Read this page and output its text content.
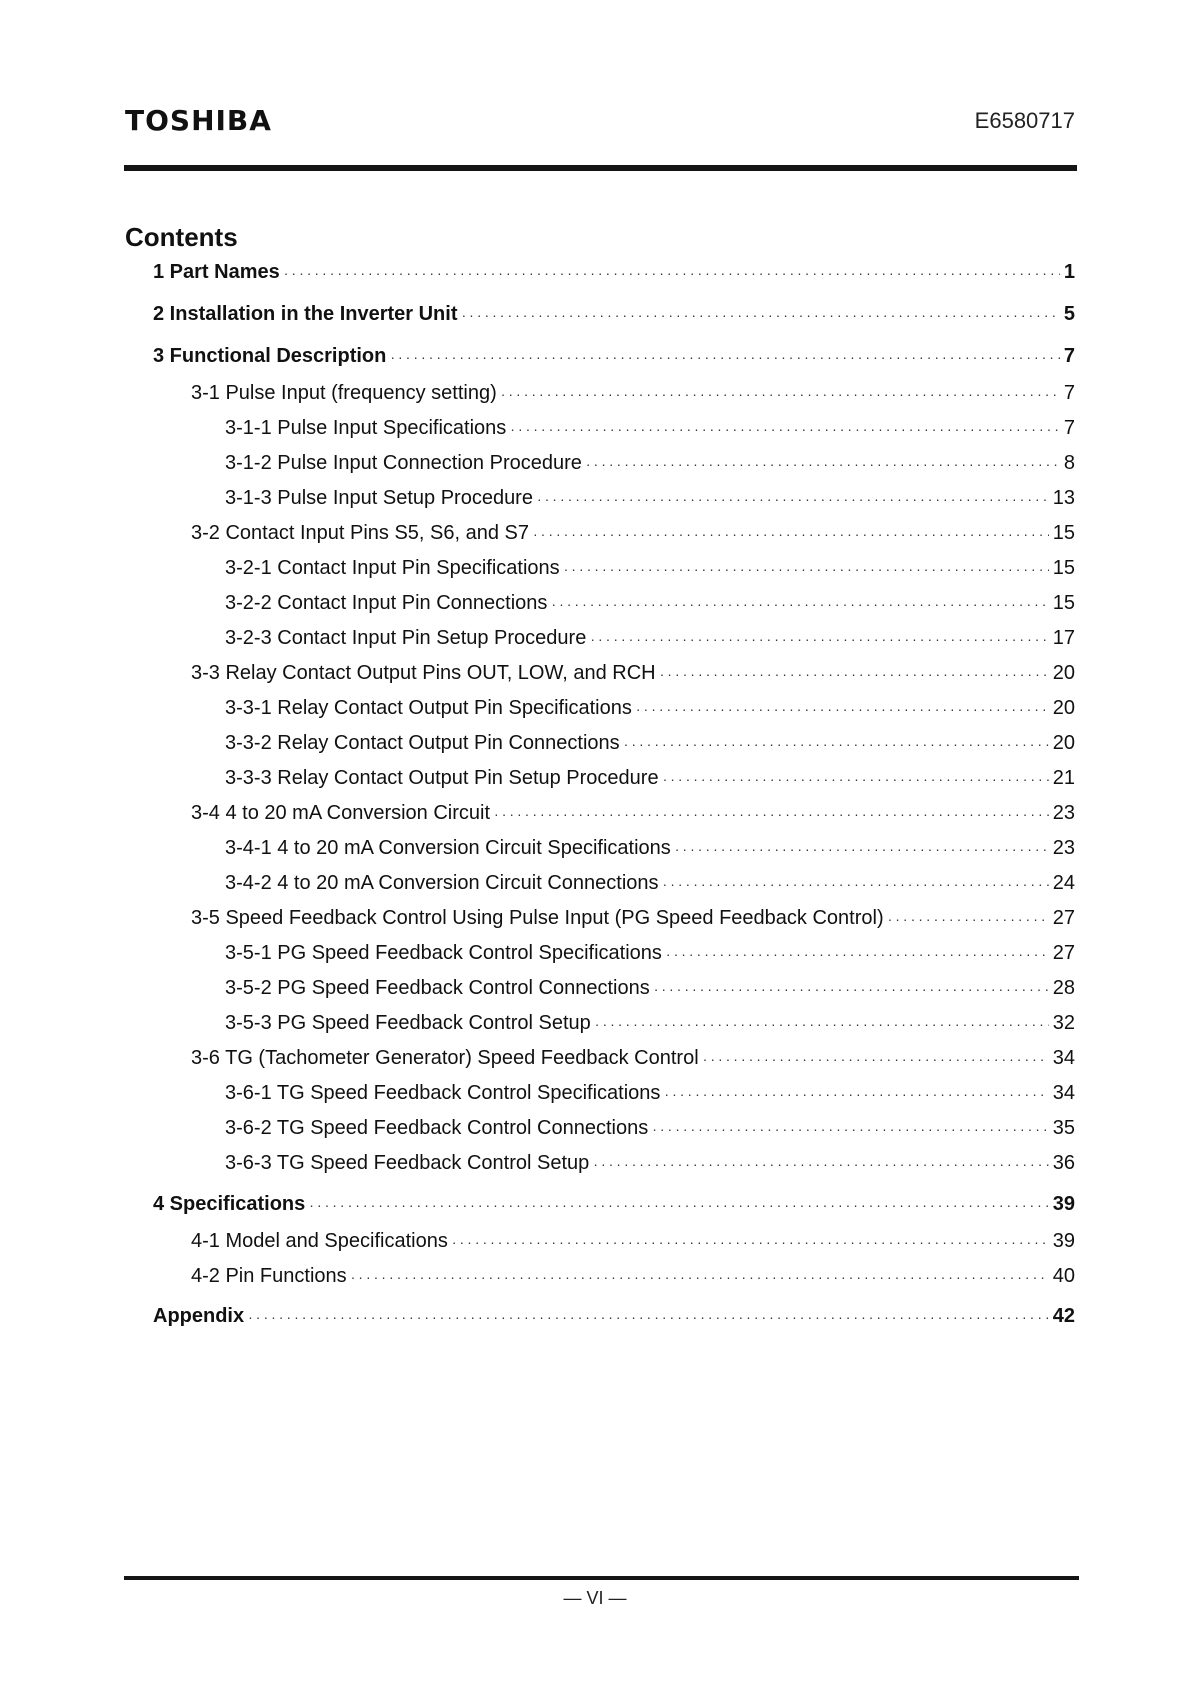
TOSHIBA	E6580717
Contents
1 Part Names ·····	1
2 Installation in the Inverter Unit ·····	5
3 Functional Description ·····	7
3-1 Pulse Input (frequency setting) ·····	7
3-1-1 Pulse Input Specifications ·····	7
3-1-2 Pulse Input Connection Procedure ·····	8
3-1-3 Pulse Input Setup Procedure ·····	13
3-2 Contact Input Pins S5, S6, and S7 ·····	15
3-2-1 Contact Input Pin Specifications ·····	15
3-2-2 Contact Input Pin Connections ·····	15
3-2-3 Contact Input Pin Setup Procedure ·····	17
3-3 Relay Contact Output Pins OUT, LOW, and RCH ·····	20
3-3-1 Relay Contact Output Pin Specifications ·····	20
3-3-2 Relay Contact Output Pin Connections ·····	20
3-3-3 Relay Contact Output Pin Setup Procedure ·····	21
3-4 4 to 20 mA Conversion Circuit ·····	23
3-4-1 4 to 20 mA Conversion Circuit Specifications ·····	23
3-4-2 4 to 20 mA Conversion Circuit Connections ·····	24
3-5 Speed Feedback Control Using Pulse Input (PG Speed Feedback Control) ·····	27
3-5-1 PG Speed Feedback Control Specifications ·····	27
3-5-2 PG Speed Feedback Control Connections ·····	28
3-5-3 PG Speed Feedback Control Setup ·····	32
3-6 TG (Tachometer Generator) Speed Feedback Control ·····	34
3-6-1 TG Speed Feedback Control Specifications ·····	34
3-6-2 TG Speed Feedback Control Connections ·····	35
3-6-3 TG Speed Feedback Control Setup ·····	36
4 Specifications ·····	39
4-1 Model and Specifications ·····	39
4-2 Pin Functions ·····	40
Appendix ·····	42
— VI —
